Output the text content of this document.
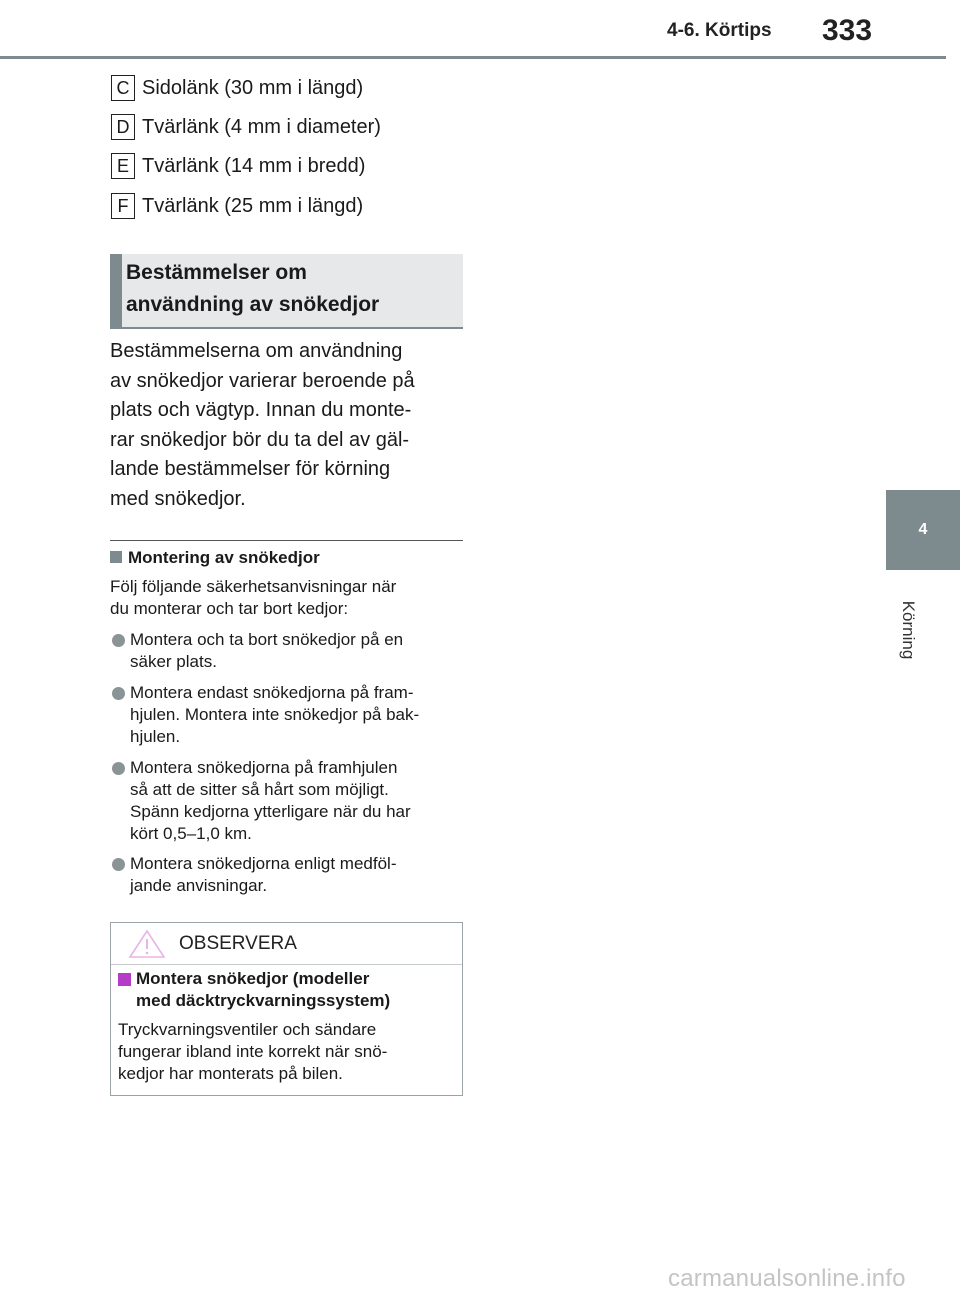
4-6. Körtips 333
4
Körning
C Sidolänk (30 mm i längd)
D Tvärlänk (4 mm i diameter)
E Tvärlänk (14 mm i bredd)
F Tvärlänk (25 mm i längd)
Bestämmelser om
användning av snökedjor
Bestämmelserna om användning
av snökedjor varierar beroende på
plats och vägtyp. Innan du monte-
rar snökedjor bör du ta del av gäl-
lande bestämmelser för körning
med snökedjor.
Montering av snökedjor
Följ följande säkerhetsanvisningar när
du monterar och tar bort kedjor:
Montera och ta bort snökedjor på en
säker plats.
Montera endast snökedjorna på fram-
hjulen. Montera inte snökedjor på bak-
hjulen.
Montera snökedjorna på framhjulen
så att de sitter så hårt som möjligt.
Spänn kedjorna ytterligare när du har
kört 0,5–1,0 km.
Montera snökedjorna enligt medföl-
jande anvisningar.
OBSERVERA
Montera snökedjor (modeller
med däcktryckvarningssystem)
Tryckvarningsventiler och sändare
fungerar ibland inte korrekt när snö-
kedjor har monterats på bilen.
carmanualsonline.info
